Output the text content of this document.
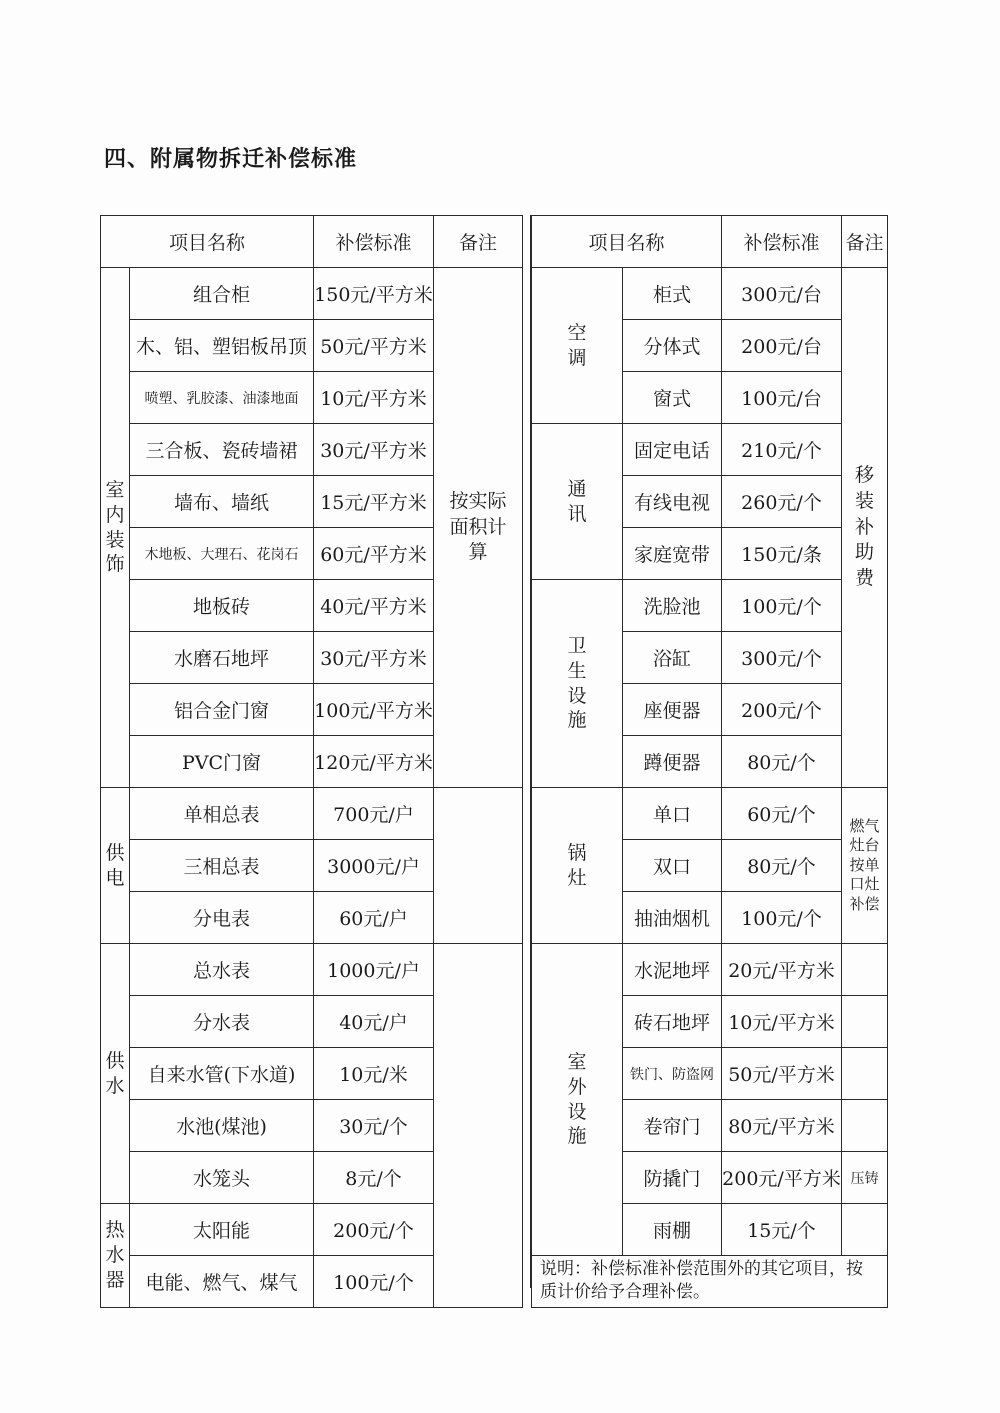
四、附属物拆迁补偿标准
项目名称		补偿标准	备注
室内装饰	组合柜	150元/平方米	按实际面积计算
	木、铝、塑铝板吊顶	50元/平方米	
	喷塑、乳胶漆、油漆地面	10元/平方米	
	三合板、瓷砖墙裙	30元/平方米	
	墙布、墙纸	15元/平方米	
	木地板、大理石、花岗石	60元/平方米	
	地板砖	40元/平方米	
	水磨石地坪	30元/平方米	
	铝合金门窗	100元/平方米	
	PVC门窗	120元/平方米	
供电	单相总表	700元/户	
	三相总表	3000元/户	
	分电表	60元/户	
供水	总水表	1000元/户	
	分水表	40元/户	
	自来水管(下水道)	10元/米	
	水池(煤池)	30元/个	
	水笼头	8元/个	
热水器	太阳能	200元/个	
	电能、燃气、煤气	100元/个	
项目名称		补偿标准	备注
空调	柜式	300元/台	移装补助费
	分体式	200元/台	
	窗式	100元/台	
通讯	固定电话	210元/个	
	有线电视	260元/个	
	家庭宽带	150元/条	
卫生设施	洗脸池	100元/个	
	浴缸	300元/个	
	座便器	200元/个	
	蹲便器	80元/个	
锅灶	单口	60元/个	燃气灶台按单口灶补偿
	双口	80元/个	
	抽油烟机	100元/个	
室外设施	水泥地坪	20元/平方米	
	砖石地坪	10元/平方米	
	铁门、防盗网	50元/平方米	
	卷帘门	80元/平方米	
	防撬门	200元/平方米	压铸
	雨棚	15元/个	
说明：补偿标准补偿范围外的其它项目，按质计价给予合理补偿。			
